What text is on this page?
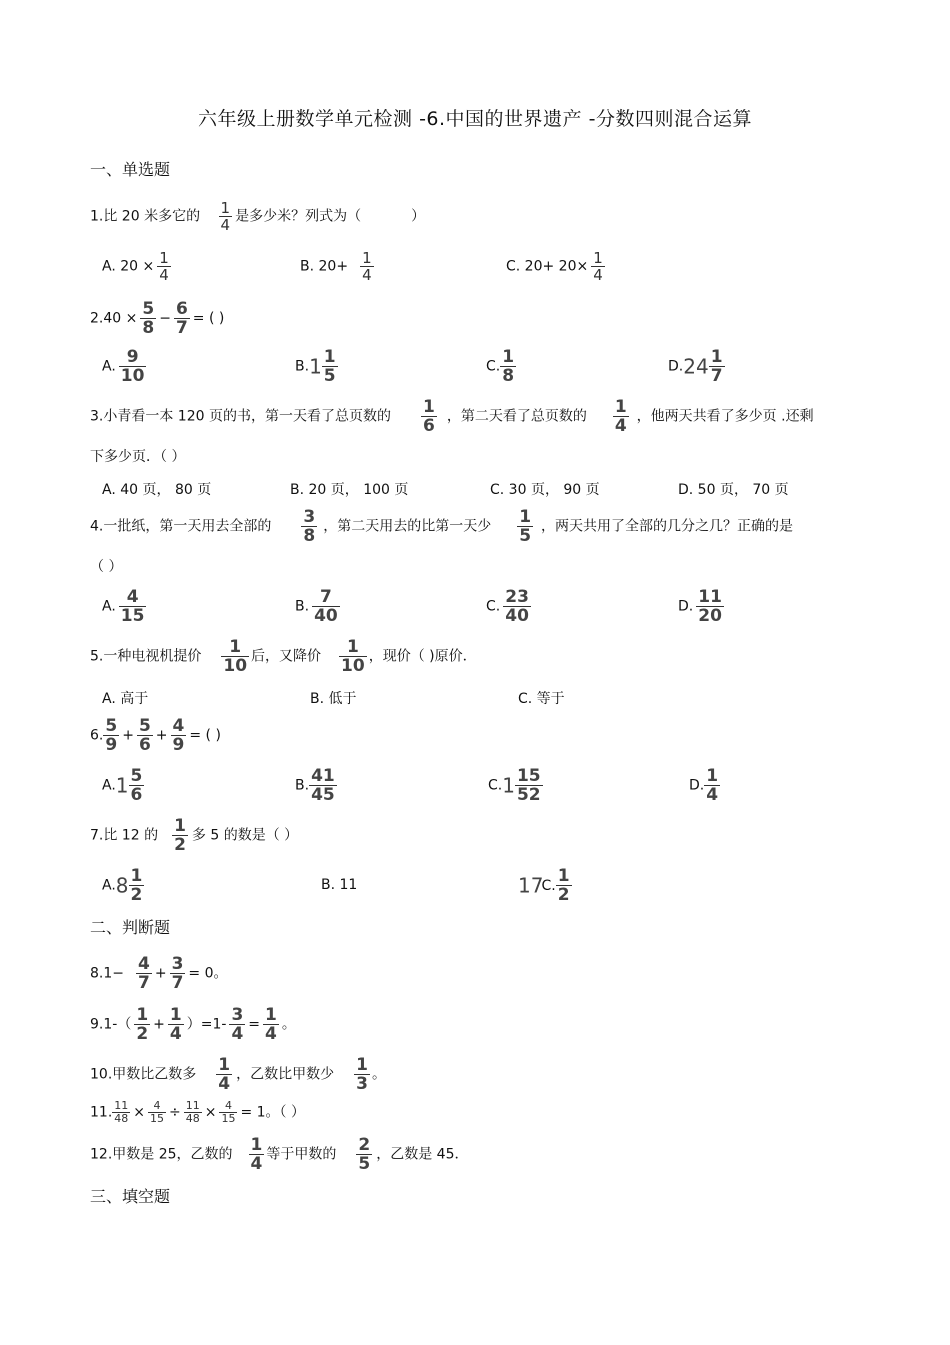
六年级上册数学单元检测 -6.中国的世界遗产 -分数四则混合运算
一、单选题
1.比 20 米多它的 $\frac{1}{4}$ 是多少米？列式为（	）
A. $20 \times \frac{1}{4}$	B. $20+ \frac{1}{4}$	C. $20+ 20\times \frac{1}{4}$
$2.40 \times \frac{5}{8} - \frac{6}{7}$ = ( )
A. $\frac{9}{10}$	$B.1 \frac{1}{5}$	C. $\frac{1}{8}$	$D.24 \frac{1}{7}$
3.小青看一本 120 页的书，第一天看了总页数的 $\frac{1}{6}$ ，第二天看了总页数的 $\frac{1}{4}$ ，他两天共看了多少页 .还剩
下多少页．（ ）
A. 40 页， 80 页	B. 20 页， 100 页	C. 30 页， 90 页	D. 50 页， 70 页
4.一批纸，第一天用去全部的 $\frac{3}{8}$ ，第二天用去的比第一天少 $\frac{1}{5}$ ，两天共用了全部的几分之几？正确的是
（ ）
A. $\frac{4}{15}$	B. $\frac{7}{40}$	C. $\frac{23}{40}$	D. $\frac{11}{20}$
5.一种电视机提价 $\frac{1}{10}$ 后，又降价 $\frac{1}{10}$ ，现价（ )原价．
A. 高于	B. 低于	C. 等于
6. $\frac{5}{9} + \frac{5}{6} + \frac{4}{9}$ = ( )
$A.1 \frac{5}{6}$	B. $\frac{41}{45}$	$C.1 \frac{15}{52}$	D. $\frac{1}{4}$
7.比 12 的 $\frac{1}{2}$ 多 5 的数是（ ）
$A.8 \frac{1}{2}$	B. 11	17C. $\frac{1}{2}$
二、判断题
$8.1- \frac{4}{7} + \frac{3}{7} = 0$。
$9.1-( \frac{1}{2} + \frac{1}{4} )=1- \frac{3}{4} = \frac{1}{4}$ 。
10.甲数比乙数多 $\frac{1}{4}$ ，乙数比甲数少 $\frac{1}{3}$ 。
11. $\frac{11}{48} \times \frac{4}{15} \div \frac{11}{48} \times \frac{4}{15} = 1$。（ ）
12.甲数是 25，乙数的 $\frac{1}{4}$ 等于甲数的 $\frac{2}{5}$ ，乙数是 45．
三、填空题
